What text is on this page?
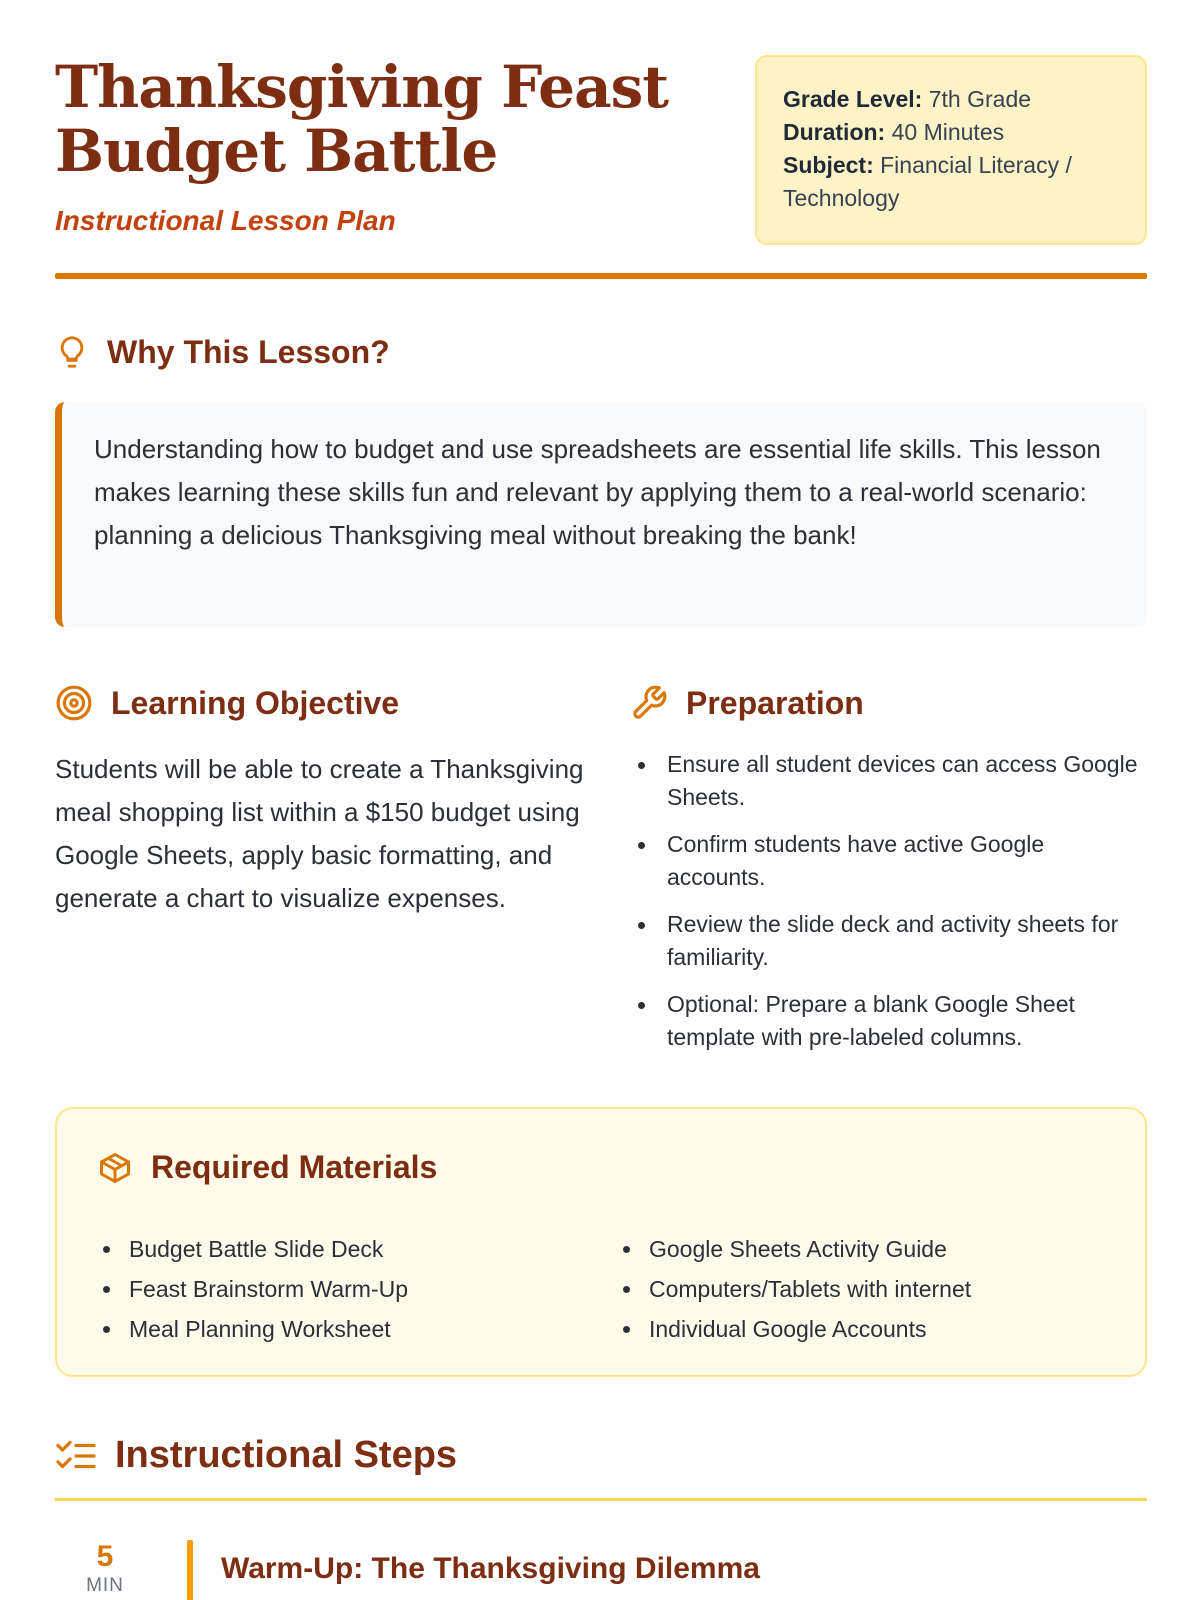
Thanksgiving Feast
Budget Battle
Instructional Lesson Plan
Grade Level: 7th Grade
Duration: 40 Minutes
Subject: Financial Literacy / Technology
Why This Lesson?

Understanding how to budget and use spreadsheets are essential life skills. This lesson makes learning these skills fun and relevant by applying them to a real-world scenario: planning a delicious Thanksgiving meal without breaking the bank!

Learning Objective

Students will be able to create a Thanksgiving meal shopping list within a $150 budget using Google Sheets, apply basic formatting, and generate a chart to visualize expenses.

Preparation
Ensure all student devices can access Google Sheets.
Confirm students have active Google accounts.
Review the slide deck and activity sheets for familiarity.
Optional: Prepare a blank Google Sheet template with pre-labeled columns.
Required Materials
Budget Battle Slide Deck
Feast Brainstorm Warm-Up
Meal Planning Worksheet
Google Sheets Activity Guide
Computers/Tablets with internet
Individual Google Accounts
Instructional Steps
5
MIN
Warm-Up: The Thanksgiving Dilemma
